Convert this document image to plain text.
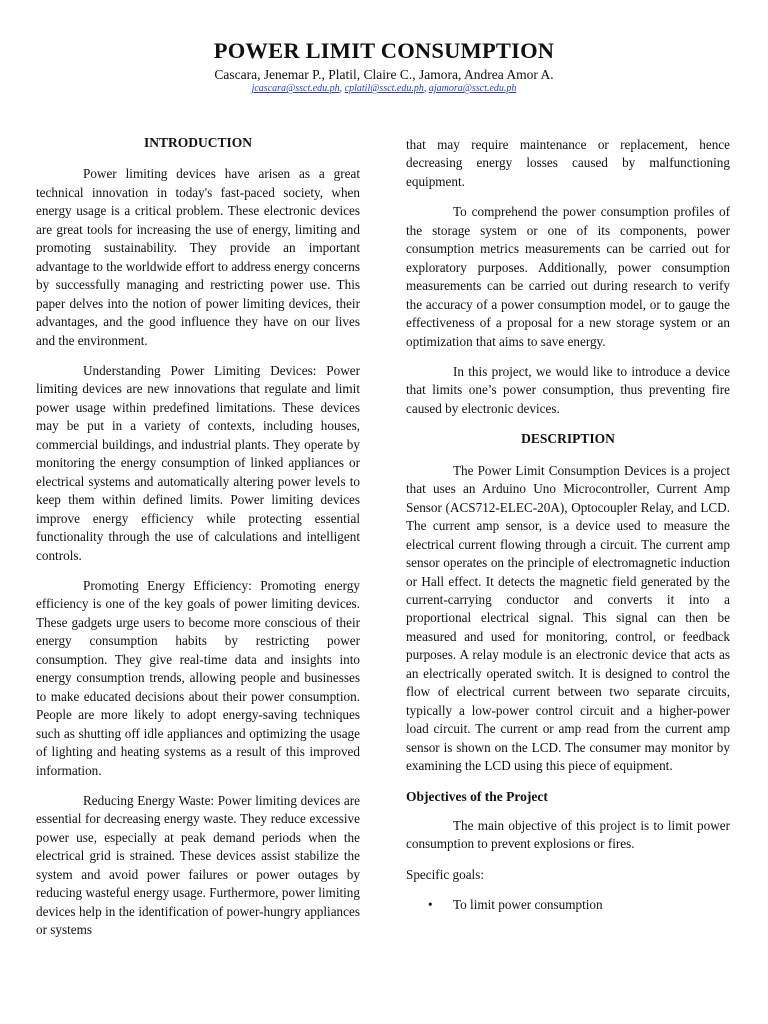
POWER LIMIT CONSUMPTION
Cascara, Jenemar P., Platil, Claire C., Jamora, Andrea Amor A.
jcascara@ssct.edu.ph, cplatil@ssct.edu.ph, ajamora@ssct.edu.ph
INTRODUCTION

Power limiting devices have arisen as a great technical innovation in today's fast-paced society, when energy usage is a critical problem. These electronic devices are great tools for increasing the use of energy, limiting and promoting sustainability. They provide an important advantage to the worldwide effort to address energy concerns by successfully managing and restricting power use. This paper delves into the notion of power limiting devices, their advantages, and the good influence they have on our lives and the environment.

Understanding Power Limiting Devices: Power limiting devices are new innovations that regulate and limit power usage within predefined limitations. These devices may be put in a variety of contexts, including houses, commercial buildings, and industrial plants. They operate by monitoring the energy consumption of linked appliances or electrical systems and automatically altering power levels to keep them within defined limits. Power limiting devices improve energy efficiency while protecting essential functionality through the use of calculations and intelligent controls.

Promoting Energy Efficiency: Promoting energy efficiency is one of the key goals of power limiting devices. These gadgets urge users to become more conscious of their energy consumption habits by restricting power consumption. They give real-time data and insights into energy consumption trends, allowing people and businesses to make educated decisions about their power consumption. People are more likely to adopt energy-saving techniques such as shutting off idle appliances and optimizing the usage of lighting and heating systems as a result of this improved information.

Reducing Energy Waste: Power limiting devices are essential for decreasing energy waste. They reduce excessive power use, especially at peak demand periods when the electrical grid is strained. These devices assist stabilize the system and avoid power failures or power outages by reducing wasteful energy usage. Furthermore, power limiting devices help in the identification of power-hungry appliances or systems

that may require maintenance or replacement, hence decreasing energy losses caused by malfunctioning equipment.

To comprehend the power consumption profiles of the storage system or one of its components, power consumption metrics measurements can be carried out for exploratory purposes. Additionally, power consumption measurements can be carried out during research to verify the accuracy of a power consumption model, or to gauge the effectiveness of a proposal for a new storage system or an optimization that aims to save energy.

In this project, we would like to introduce a device that limits one’s power consumption, thus preventing fire caused by electronic devices.

DESCRIPTION

The Power Limit Consumption Devices is a project that uses an Arduino Uno Microcontroller, Current Amp Sensor (ACS712-ELEC-20A), Optocoupler Relay, and LCD. The current amp sensor, is a device used to measure the electrical current flowing through a circuit. The current amp sensor operates on the principle of electromagnetic induction or Hall effect. It detects the magnetic field generated by the current-carrying conductor and converts it into a proportional electrical signal. This signal can then be measured and used for monitoring, control, or feedback purposes. A relay module is an electronic device that acts as an electrically operated switch. It is designed to control the flow of electrical current between two separate circuits, typically a low-power control circuit and a higher-power load circuit. The current or amp read from the current amp sensor is shown on the LCD. The consumer may monitor by examining the LCD using this piece of equipment.

Objectives of the Project

The main objective of this project is to limit power consumption to prevent explosions or fires.

Specific goals:

• To limit power consumption
